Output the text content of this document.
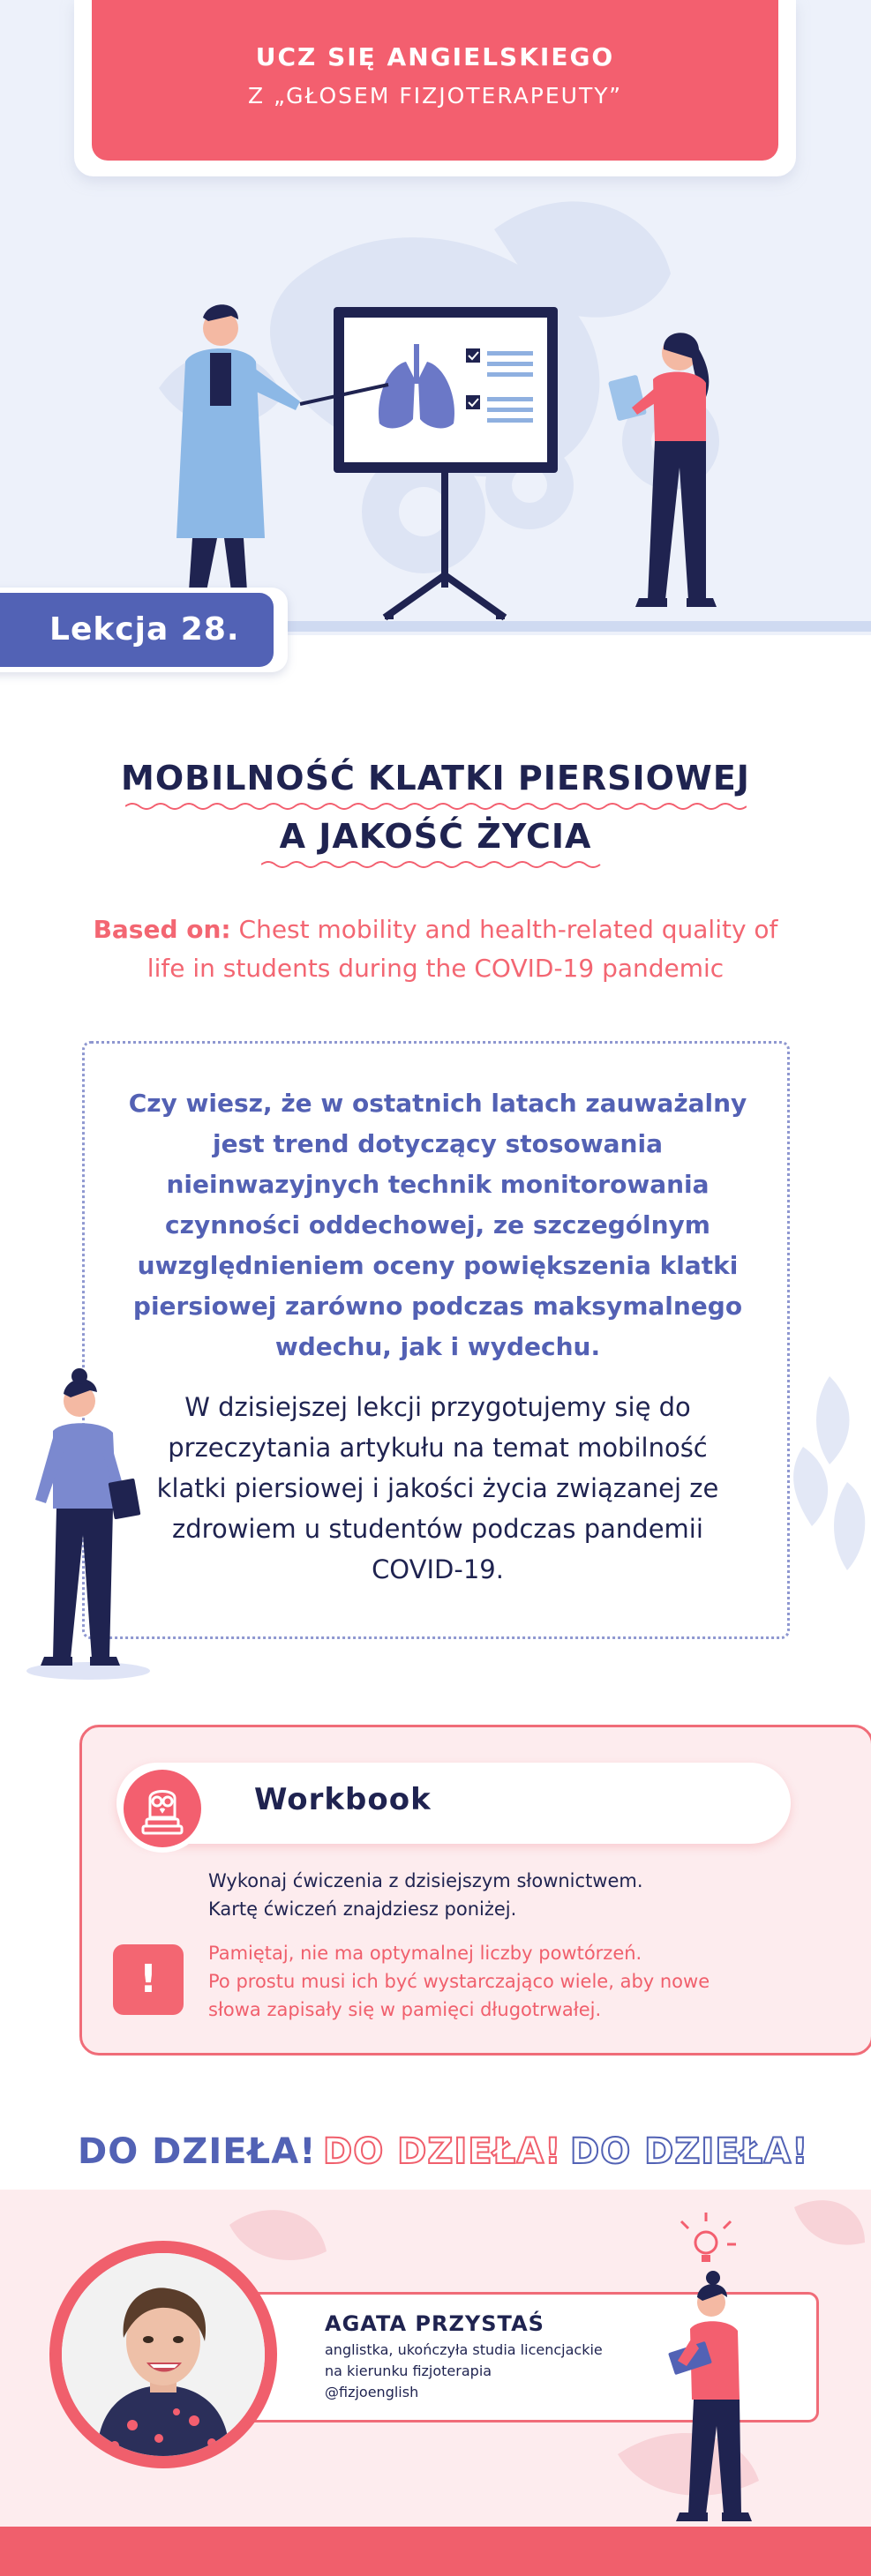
UCZ SIĘ ANGIELSKIEGO
Z „GŁOSEM FIZJOTERAPEUTY”
Lekcja 28.
MOBILNOŚĆ KLATKI PIERSIOWEJ
A JAKOŚĆ ŻYCIA
Based on: Chest mobility and health-related quality of life in students during the COVID-19 pandemic
Czy wiesz, że w ostatnich latach zauważalny jest trend dotyczący stosowania nieinwazyjnych technik monitorowania czynności oddechowej, ze szczególnym uwzględnieniem oceny powiększenia klatki piersiowej zarówno podczas maksymalnego wdechu, jak i wydechu.
W dzisiejszej lekcji przygotujemy się do przeczytania artykułu na temat mobilność klatki piersiowej i jakości życia związanej ze zdrowiem u studentów podczas pandemii COVID-19.
Workbook
Wykonaj ćwiczenia z dzisiejszym słownictwem.
Kartę ćwiczeń znajdziesz poniżej.
!
Pamiętaj, nie ma optymalnej liczby powtórzeń.
Po prostu musi ich być wystarczająco wiele, aby nowe
słowa zapisały się w pamięci długotrwałej.
DO DZIEŁA! DO DZIEŁA! DO DZIEŁA!
AGATA PRZYSTAŚ
anglistka, ukończyła studia licencjackie
na kierunku fizjoterapia
@fizjoenglish
